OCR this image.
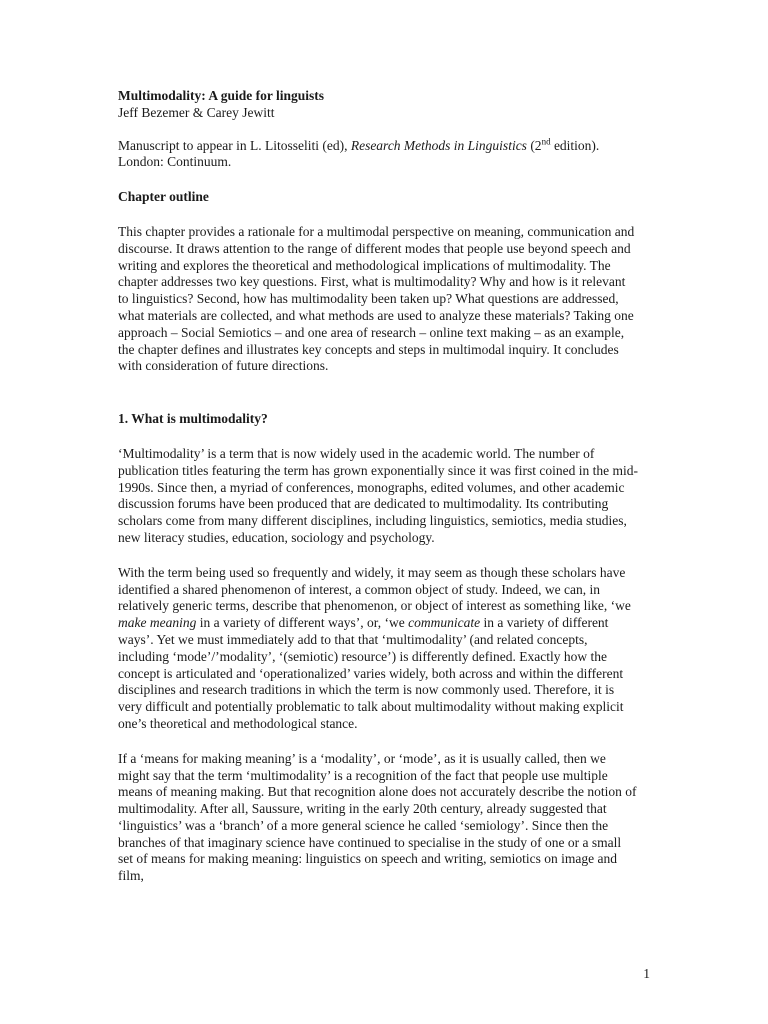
Multimodality: A guide for linguists

Jeff Bezemer & Carey Jewitt

Manuscript to appear in L. Litosseliti (ed), Research Methods in Linguistics (2nd edition). London: Continuum.

Chapter outline

This chapter provides a rationale for a multimodal perspective on meaning, communication and discourse. It draws attention to the range of different modes that people use beyond speech and writing and explores the theoretical and methodological implications of multimodality. The chapter addresses two key questions. First, what is multimodality? Why and how is it relevant to linguistics? Second, how has multimodality been taken up? What questions are addressed, what materials are collected, and what methods are used to analyze these materials? Taking one approach – Social Semiotics – and one area of research – online text making – as an example, the chapter defines and illustrates key concepts and steps in multimodal inquiry. It concludes with consideration of future directions.

1. What is multimodality?

‘Multimodality’ is a term that is now widely used in the academic world. The number of publication titles featuring the term has grown exponentially since it was first coined in the mid-1990s. Since then, a myriad of conferences, monographs, edited volumes, and other academic discussion forums have been produced that are dedicated to multimodality. Its contributing scholars come from many different disciplines, including linguistics, semiotics, media studies, new literacy studies, education, sociology and psychology.

With the term being used so frequently and widely, it may seem as though these scholars have identified a shared phenomenon of interest, a common object of study. Indeed, we can, in relatively generic terms, describe that phenomenon, or object of interest as something like, ‘we make meaning in a variety of different ways’, or, ‘we communicate in a variety of different ways’. Yet we must immediately add to that that ‘multimodality’ (and related concepts, including ‘mode’/’modality’, ‘(semiotic) resource’) is differently defined. Exactly how the concept is articulated and ‘operationalized’ varies widely, both across and within the different disciplines and research traditions in which the term is now commonly used. Therefore, it is very difficult and potentially problematic to talk about multimodality without making explicit one’s theoretical and methodological stance.

If a ‘means for making meaning’ is a ‘modality’, or ‘mode’, as it is usually called, then we might say that the term ‘multimodality’ is a recognition of the fact that people use multiple means of meaning making. But that recognition alone does not accurately describe the notion of multimodality. After all, Saussure, writing in the early 20th century, already suggested that ‘linguistics’ was a ‘branch’ of a more general science he called ‘semiology’. Since then the branches of that imaginary science have continued to specialise in the study of one or a small set of means for making meaning: linguistics on speech and writing, semiotics on image and film,

1
